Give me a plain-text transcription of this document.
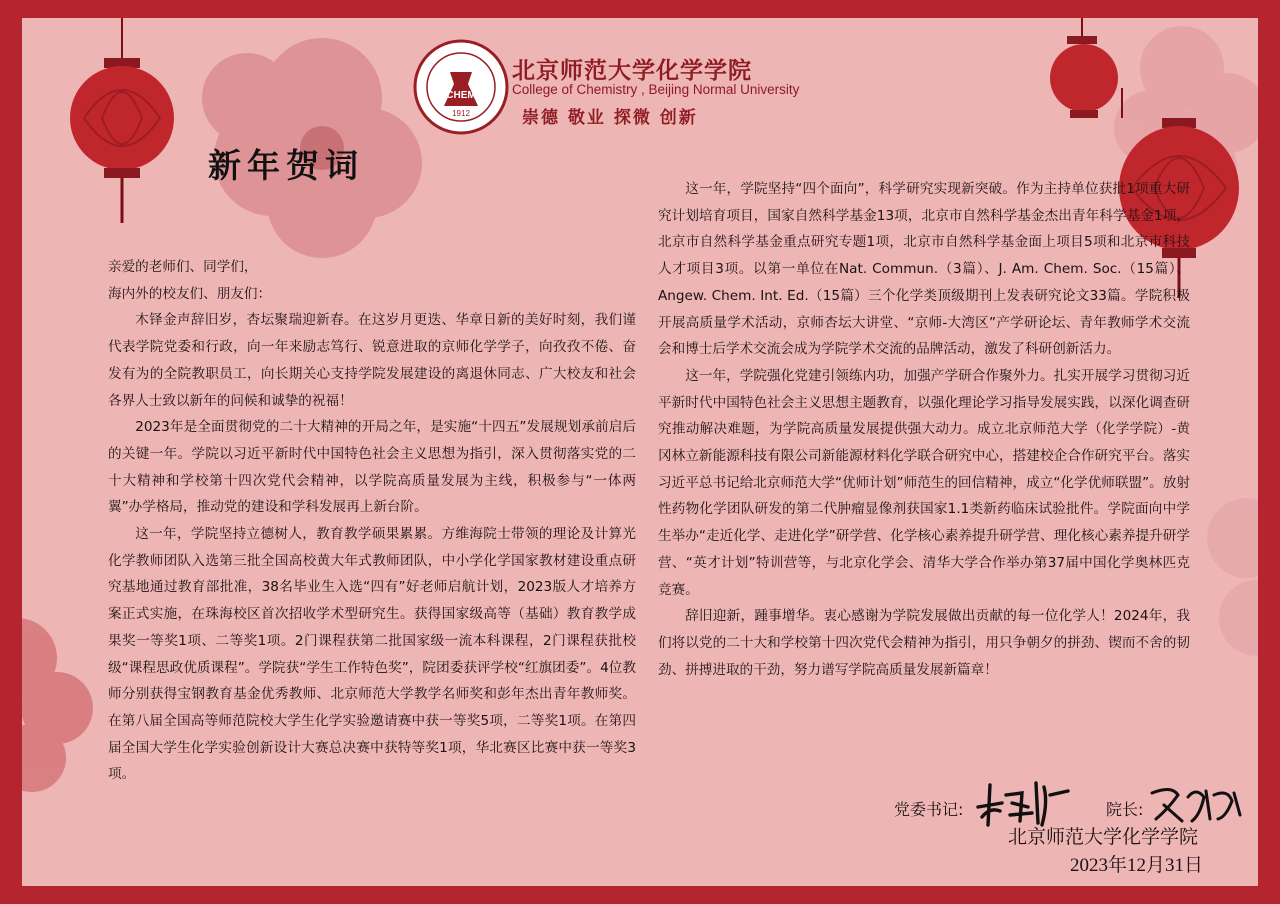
CHEM
1912
北京师范大学化学学院
College of Chemistry , Beijing Normal University
崇德 敬业 探微 创新
新年贺词

亲爱的老师们、同学们，

海内外的校友们、朋友们：

木铎金声辞旧岁，杏坛聚瑞迎新春。在这岁月更迭、华章日新的美好时刻，我们谨代表学院党委和行政，向一年来励志笃行、锐意进取的京师化学学子，向孜孜不倦、奋发有为的全院教职员工，向长期关心支持学院发展建设的离退休同志、广大校友和社会各界人士致以新年的问候和诚挚的祝福！

2023年是全面贯彻党的二十大精神的开局之年，是实施“十四五”发展规划承前启后的关键一年。学院以习近平新时代中国特色社会主义思想为指引，深入贯彻落实党的二十大精神和学校第十四次党代会精神，以学院高质量发展为主线，积极参与“一体两翼”办学格局，推动党的建设和学科发展再上新台阶。

这一年，学院坚持立德树人，教育教学硕果累累。方维海院士带领的理论及计算光化学教师团队入选第三批全国高校黄大年式教师团队，中小学化学国家教材建设重点研究基地通过教育部批准，38名毕业生入选“四有”好老师启航计划，2023版人才培养方案正式实施，在珠海校区首次招收学术型研究生。获得国家级高等（基础）教育教学成果奖一等奖1项、二等奖1项。2门课程获第二批国家级一流本科课程，2门课程获批校级“课程思政优质课程”。学院获“学生工作特色奖”，院团委获评学校“红旗团委”。4位教师分别获得宝钢教育基金优秀教师、北京师范大学教学名师奖和彭年杰出青年教师奖。在第八届全国高等师范院校大学生化学实验邀请赛中获一等奖5项，二等奖1项。在第四届全国大学生化学实验创新设计大赛总决赛中获特等奖1项，华北赛区比赛中获一等奖3项。

这一年，学院坚持“四个面向”，科学研究实现新突破。作为主持单位获批1项重大研究计划培育项目，国家自然科学基金13项，北京市自然科学基金杰出青年科学基金1项，北京市自然科学基金重点研究专题1项，北京市自然科学基金面上项目5项和北京市科技人才项目3项。以第一单位在Nat. Commun.（3篇）、J. Am. Chem. Soc.（15篇）、Angew. Chem. Int. Ed.（15篇）三个化学类顶级期刊上发表研究论文33篇。学院积极开展高质量学术活动，京师杏坛大讲堂、“京师-大湾区”产学研论坛、青年教师学术交流会和博士后学术交流会成为学院学术交流的品牌活动，激发了科研创新活力。

这一年，学院强化党建引领练内功，加强产学研合作聚外力。扎实开展学习贯彻习近平新时代中国特色社会主义思想主题教育，以强化理论学习指导发展实践，以深化调查研究推动解决难题，为学院高质量发展提供强大动力。成立北京师范大学（化学学院）-黄冈林立新能源科技有限公司新能源材料化学联合研究中心，搭建校企合作研究平台。落实习近平总书记给北京师范大学“优师计划”师范生的回信精神，成立“化学优师联盟”。放射性药物化学团队研发的第二代肿瘤显像剂获国家1.1类新药临床试验批件。学院面向中学生举办“走近化学、走进化学”研学营、化学核心素养提升研学营、理化核心素养提升研学营、“英才计划”特训营等，与北京化学会、清华大学合作举办第37届中国化学奥林匹克竞赛。

辞旧迎新，踵事增华。衷心感谢为学院发展做出贡献的每一位化学人！2024年，我们将以党的二十大和学校第十四次党代会精神为指引，用只争朝夕的拼劲、锲而不舍的韧劲、拼搏进取的干劲，努力谱写学院高质量发展新篇章！

党委书记:	院长:
北京师范大学化学学院
2023年12月31日
